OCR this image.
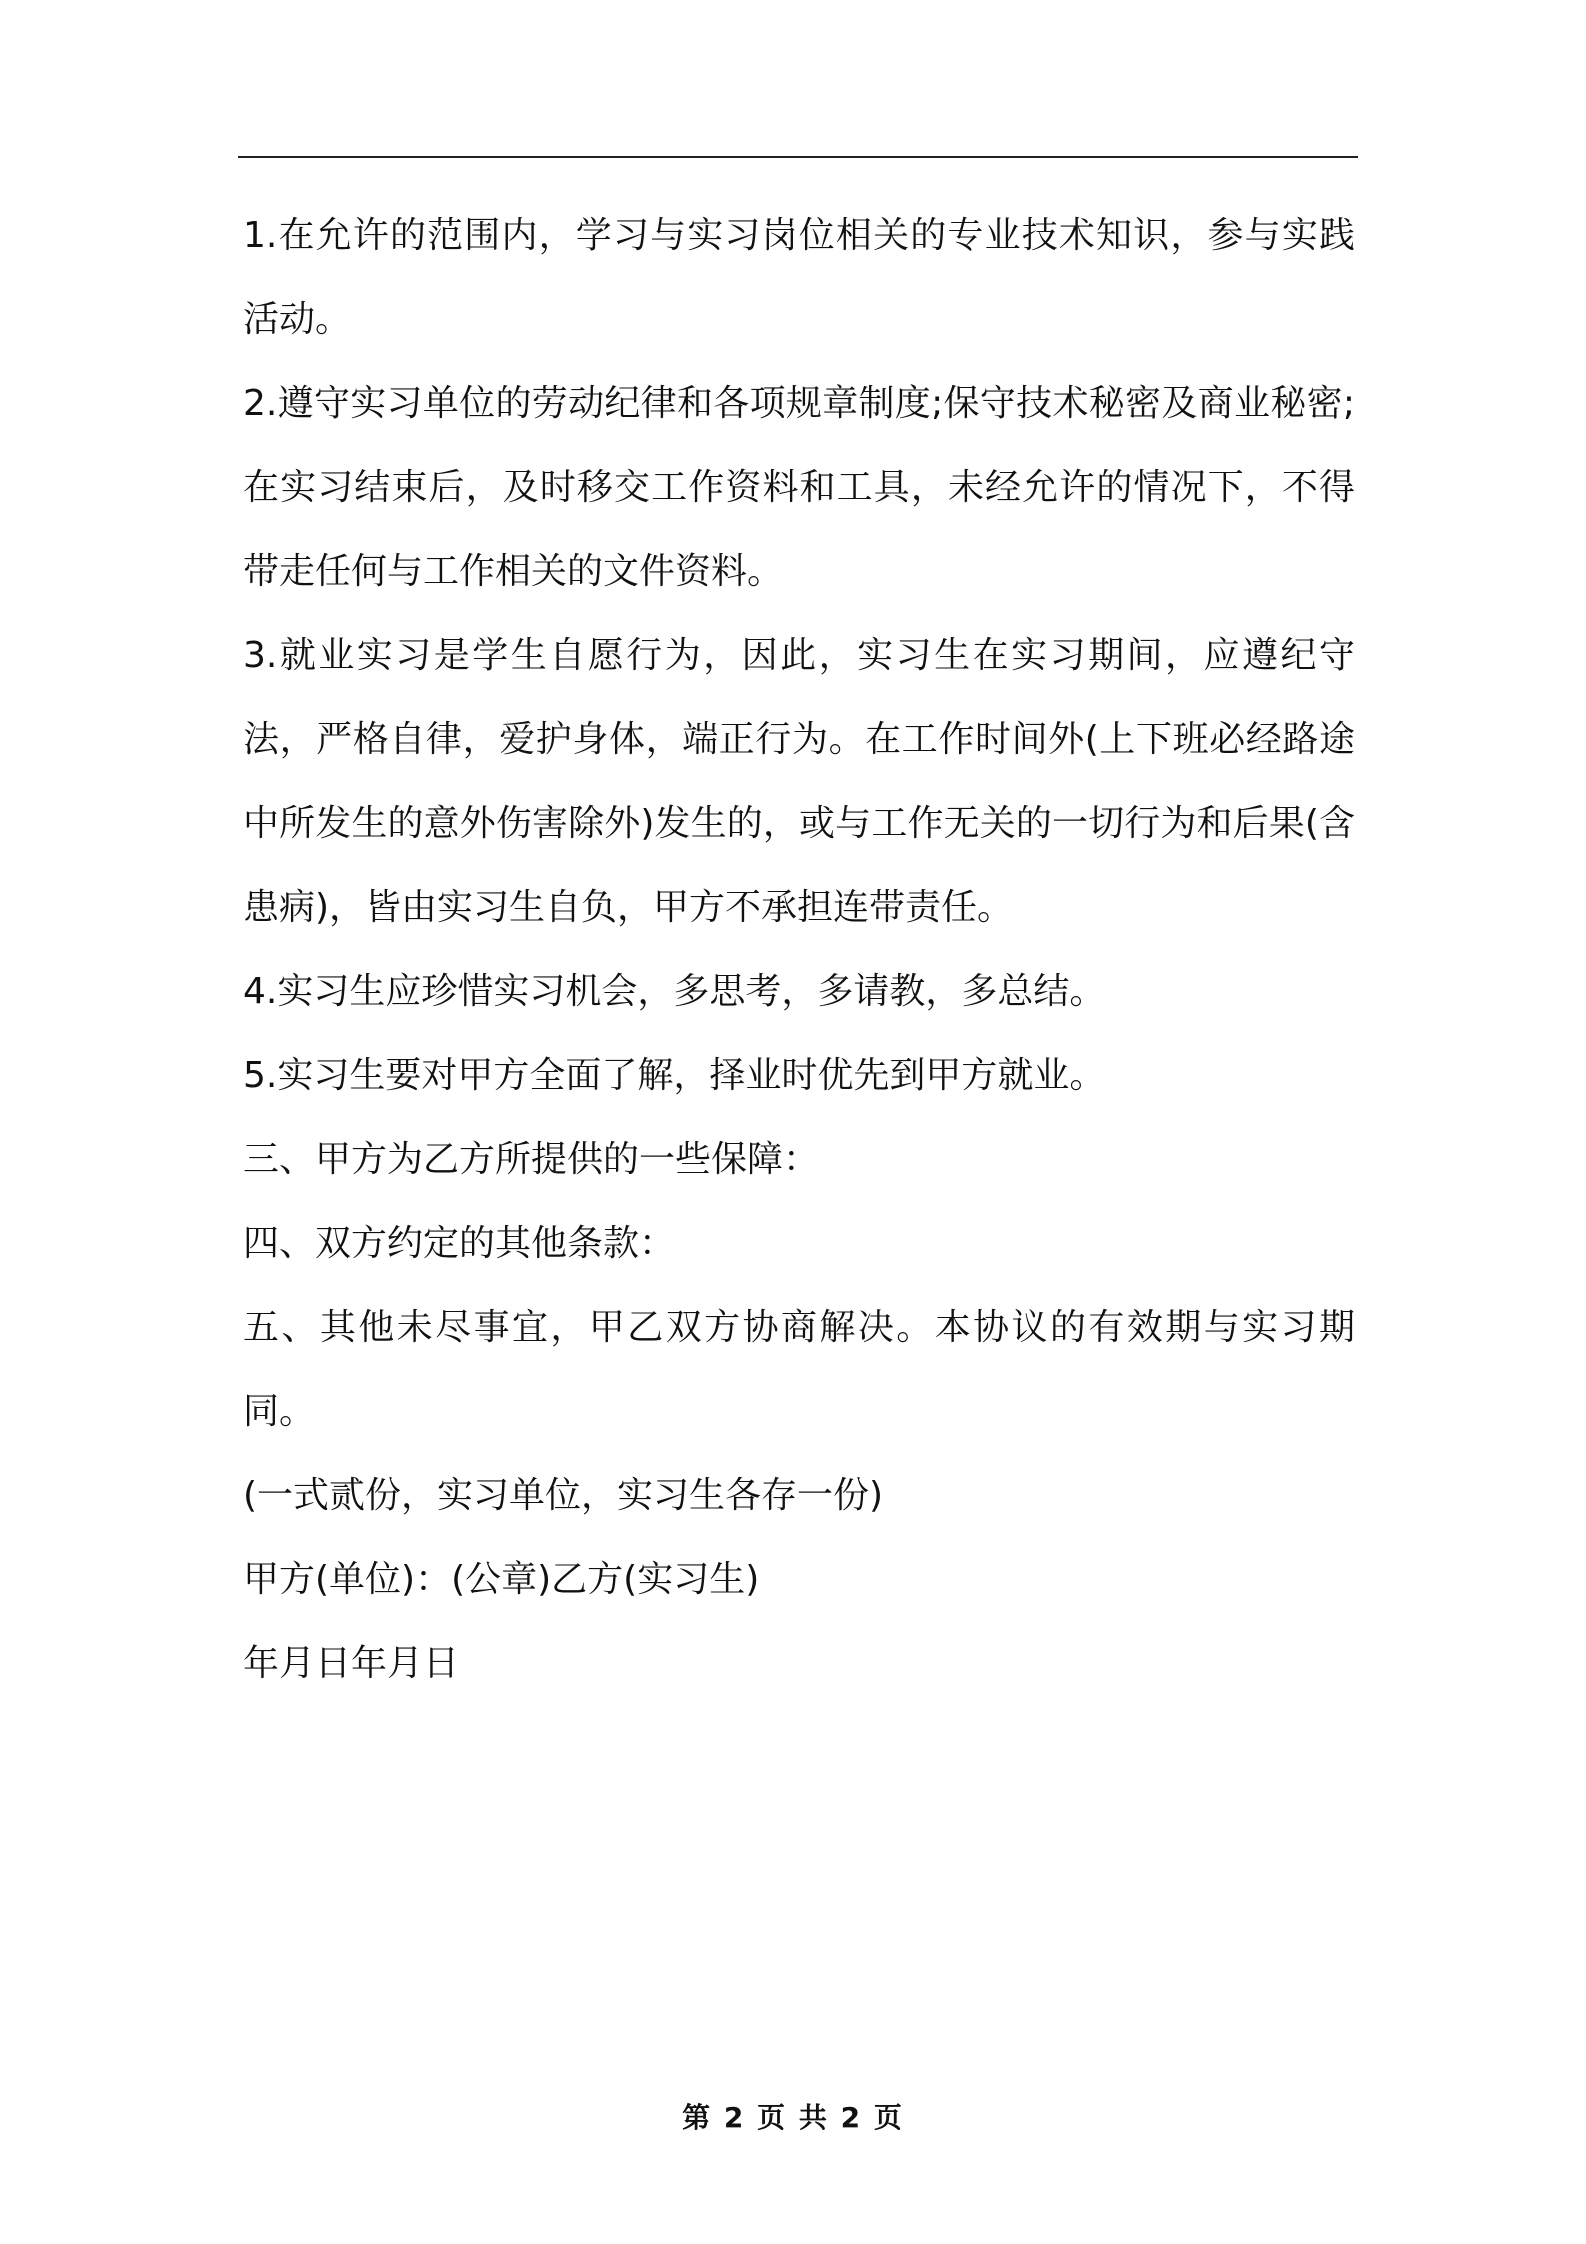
1.在允许的范围内，学习与实习岗位相关的专业技术知识，参与实践活动。

2.遵守实习单位的劳动纪律和各项规章制度;保守技术秘密及商业秘密;在实习结束后，及时移交工作资料和工具，未经允许的情况下，不得带走任何与工作相关的文件资料。

3.就业实习是学生自愿行为，因此，实习生在实习期间，应遵纪守法，严格自律，爱护身体，端正行为。在工作时间外(上下班必经路途中所发生的意外伤害除外)发生的，或与工作无关的一切行为和后果(含患病)，皆由实习生自负，甲方不承担连带责任。

4.实习生应珍惜实习机会，多思考，多请教，多总结。

5.实习生要对甲方全面了解，择业时优先到甲方就业。

三、甲方为乙方所提供的一些保障：

四、双方约定的其他条款：

五、其他未尽事宜，甲乙双方协商解决。本协议的有效期与实习期同。

(一式贰份，实习单位，实习生各存一份)

甲方(单位)：(公章)乙方(实习生)

年月日年月日

第 2 页 共 2 页
